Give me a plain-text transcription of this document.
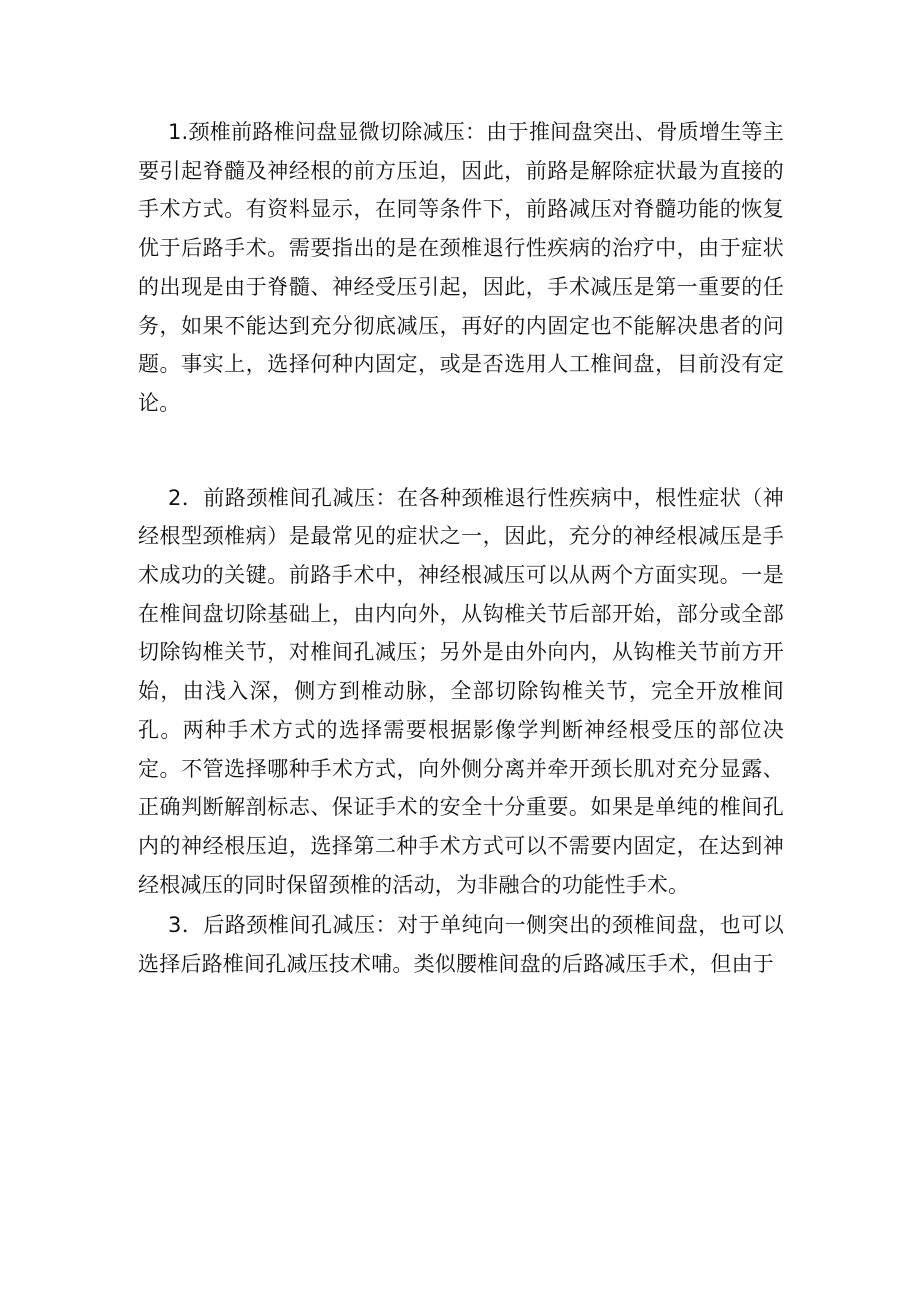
1.颈椎前路椎问盘显微切除减压：由于推间盘突出、骨质增生等主要引起脊髓及神经根的前方压迫，因此，前路是解除症状最为直接的手术方式。有资料显示，在同等条件下，前路减压对脊髓功能的恢复优于后路手术。需要指出的是在颈椎退行性疾病的治疗中，由于症状的出现是由于脊髓、神经受压引起，因此，手术减压是第一重要的任务，如果不能达到充分彻底减压，再好的内固定也不能解决患者的问题。事实上，选择何种内固定，或是否选用人工椎间盘，目前没有定论。

2．前路颈椎间孔减压：在各种颈椎退行性疾病中，根性症状（神经根型颈椎病）是最常见的症状之一，因此，充分的神经根减压是手术成功的关键。前路手术中，神经根减压可以从两个方面实现。一是在椎间盘切除基础上，由内向外，从钩椎关节后部开始，部分或全部切除钩椎关节，对椎间孔减压；另外是由外向内，从钩椎关节前方开始，由浅入深，侧方到椎动脉，全部切除钩椎关节，完全开放椎间孔。两种手术方式的选择需要根据影像学判断神经根受压的部位决定。不管选择哪种手术方式，向外侧分离并牵开颈长肌对充分显露、正确判断解剖标志、保证手术的安全十分重要。如果是单纯的椎间孔内的神经根压迫，选择第二种手术方式可以不需要内固定，在达到神经根减压的同时保留颈椎的活动，为非融合的功能性手术。

3．后路颈椎间孔减压：对于单纯向一侧突出的颈椎间盘，也可以选择后路椎间孔减压技术哺。类似腰椎间盘的后路减压手术，但由于
